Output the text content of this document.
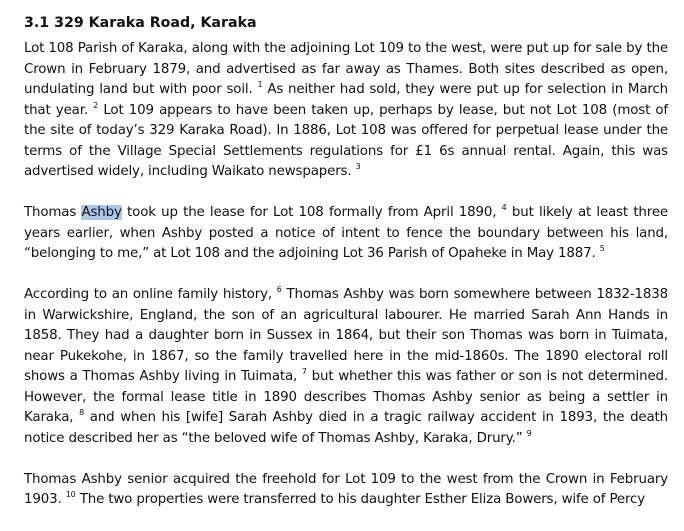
3.1 329 Karaka Road, Karaka

Lot 108 Parish of Karaka, along with the adjoining Lot 109 to the west, were put up for sale by the Crown in February 1879, and advertised as far away as Thames. Both sites described as open, undulating land but with poor soil. $^1$ As neither had sold, they were put up for selection in March that year. $^2$ Lot 109 appears to have been taken up, perhaps by lease, but not Lot 108 (most of the site of today’s 329 Karaka Road). In 1886, Lot 108 was offered for perpetual lease under the terms of the Village Special Settlements regulations for £1 6s annual rental. Again, this was advertised widely, including Waikato newspapers. $^3$

Thomas Ashby took up the lease for Lot 108 formally from April 1890, $^4$ but likely at least three years earlier, when Ashby posted a notice of intent to fence the boundary between his land, “belonging to me,” at Lot 108 and the adjoining Lot 36 Parish of Opaheke in May 1887. $^5$

According to an online family history, $^6$ Thomas Ashby was born somewhere between 1832-1838 in Warwickshire, England, the son of an agricultural labourer. He married Sarah Ann Hands in 1858. They had a daughter born in Sussex in 1864, but their son Thomas was born in Tuimata, near Pukekohe, in 1867, so the family travelled here in the mid-1860s. The 1890 electoral roll shows a Thomas Ashby living in Tuimata, $^7$ but whether this was father or son is not determined. However, the formal lease title in 1890 describes Thomas Ashby senior as being a settler in Karaka, $^8$ and when his [wife] Sarah Ashby died in a tragic railway accident in 1893, the death notice described her as “the beloved wife of Thomas Ashby, Karaka, Drury.” $^9$

Thomas Ashby senior acquired the freehold for Lot 109 to the west from the Crown in February 1903. $^{10}$ The two properties were transferred to his daughter Esther Eliza Bowers, wife of Percy
